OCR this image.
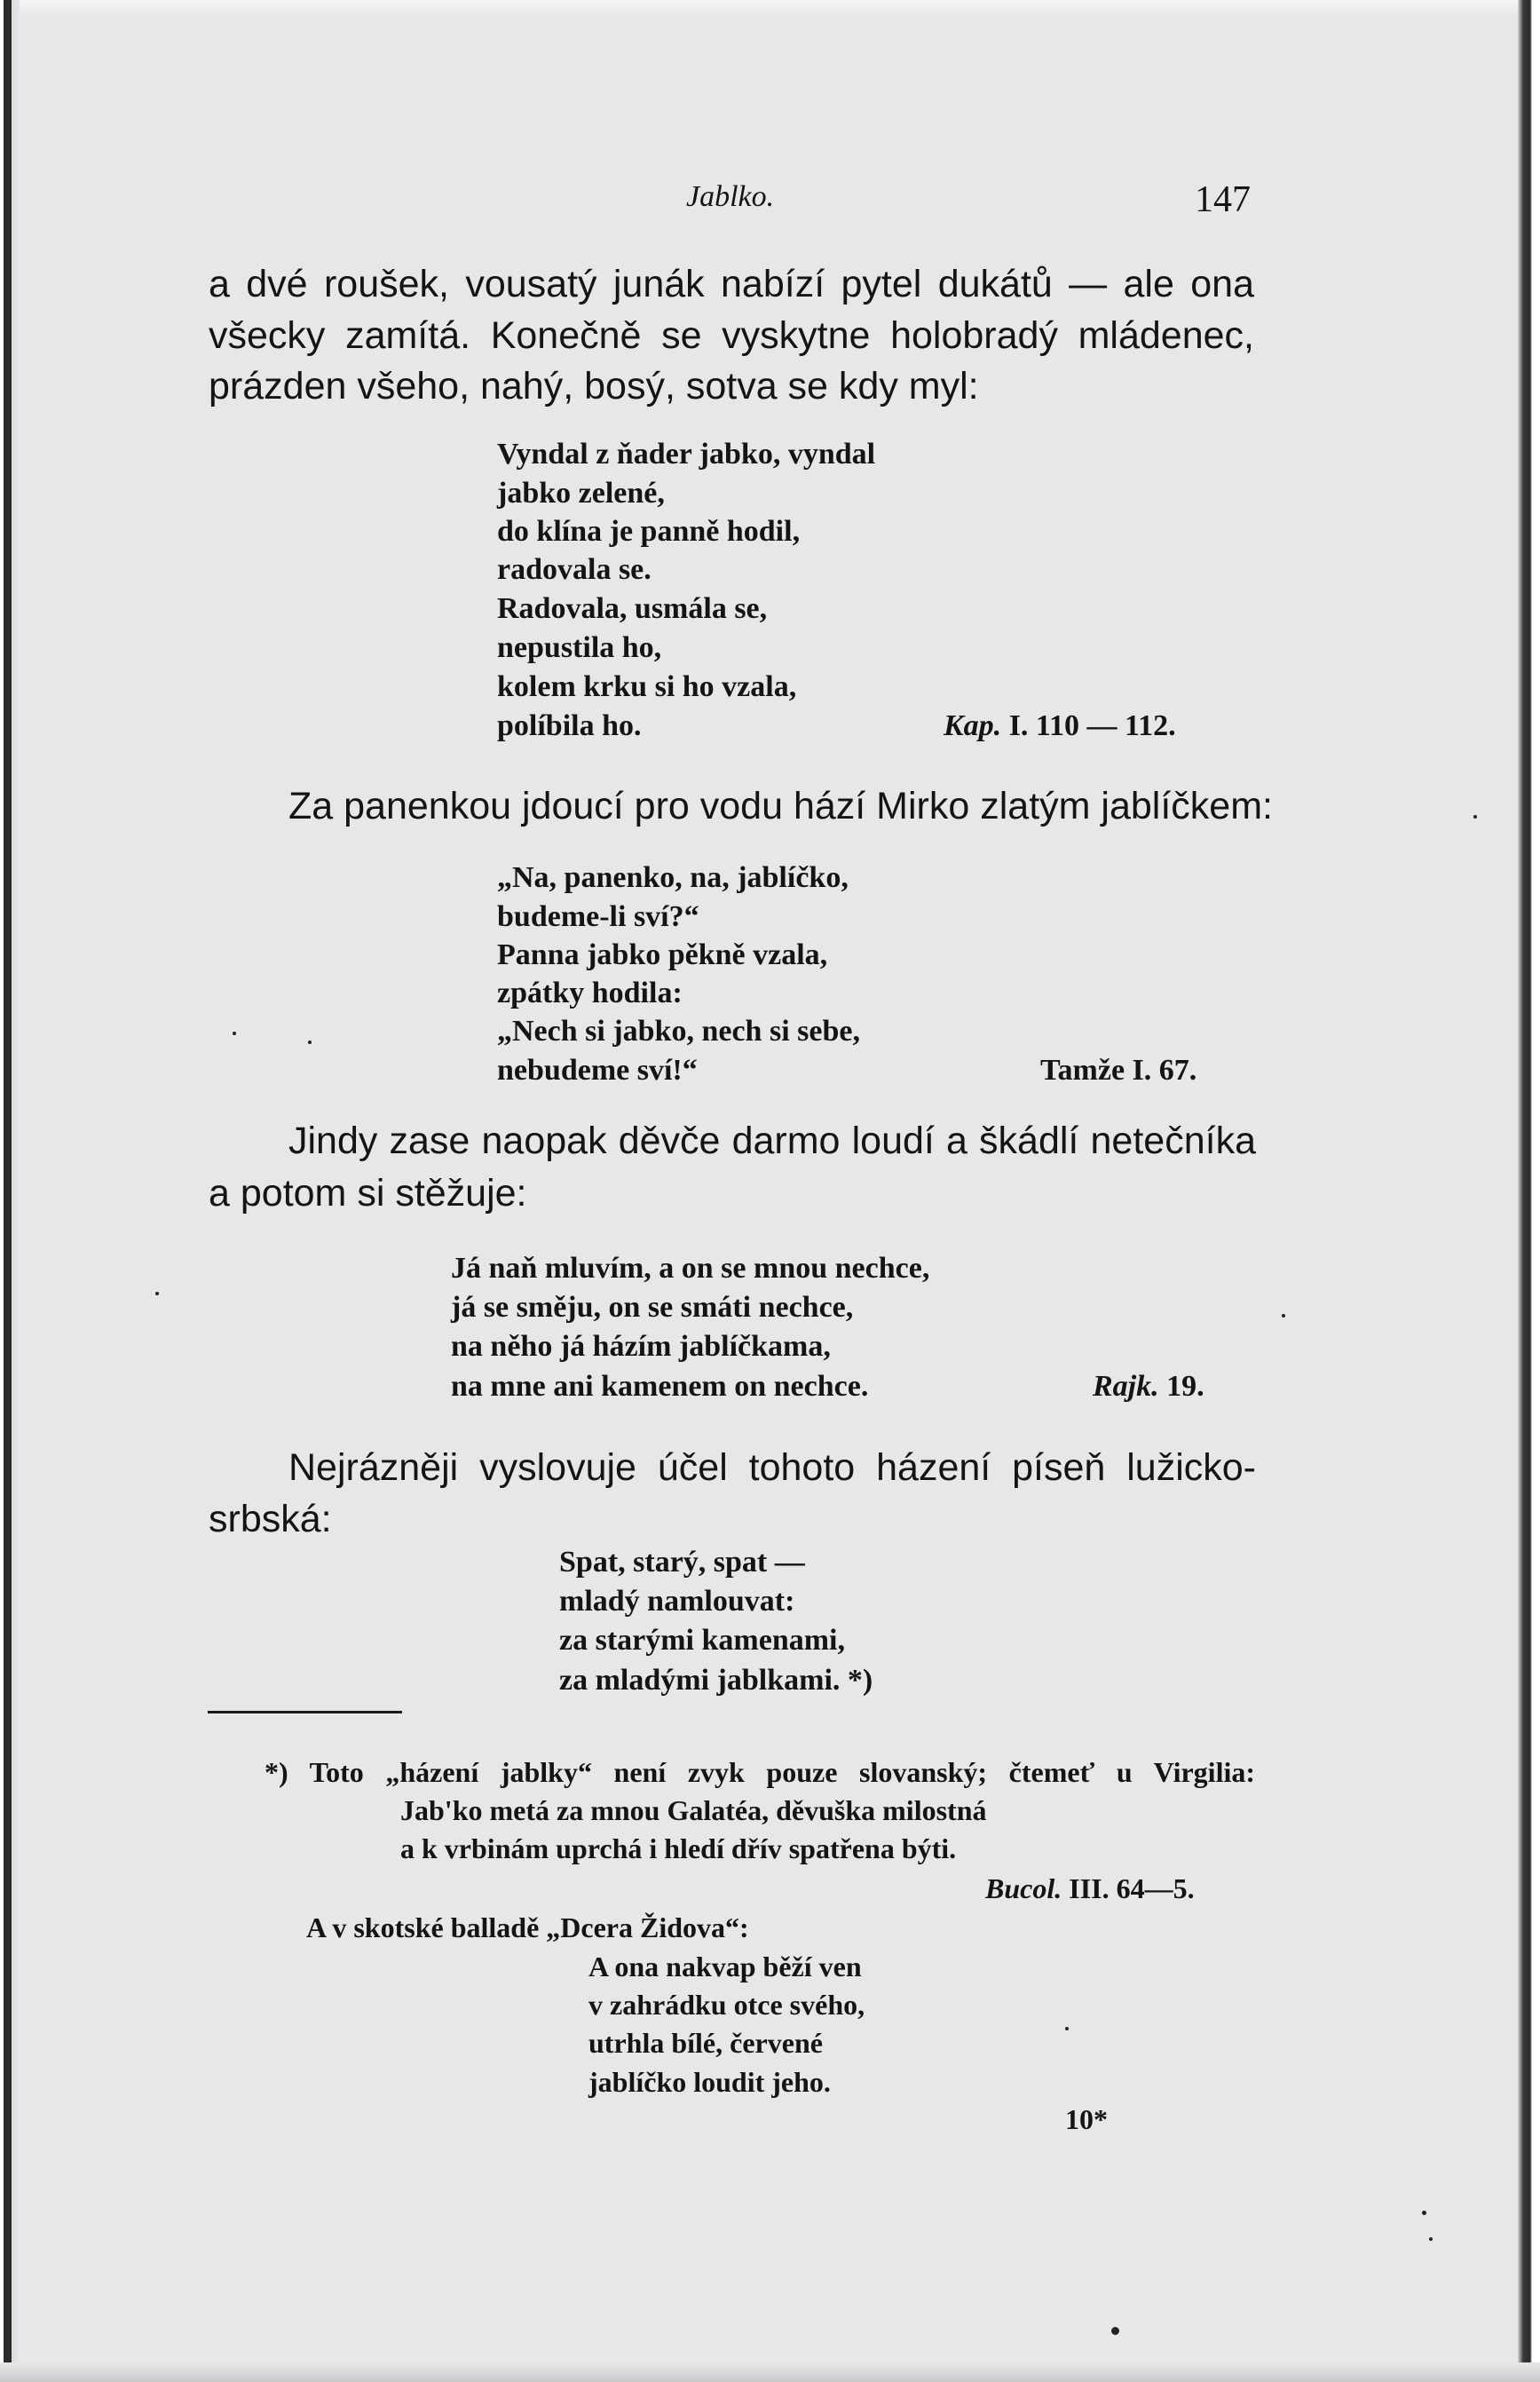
Jablko.	147
a dvé roušek, vousatý junák nabízí pytel dukátů — ale ona
všecky zamítá. Konečně se vyskytne holobradý mládenec,
prázden všeho, nahý, bosý, sotva se kdy myl:
Vyndal z ňader jabko, vyndal
jabko zelené,
do klína je panně hodil,
radovala se.
Radovala, usmála se,
nepustila ho,
kolem krku si ho vzala,
políbila ho.	Kap. I. 110 — 112.
Za panenkou jdoucí pro vodu hází Mirko zlatým jablíčkem:
„Na, panenko, na, jablíčko,
budeme-li sví?“
Panna jabko pěkně vzala,
zpátky hodila:
„Nech si jabko, nech si sebe,
nebudeme sví!“	Tamže I. 67.
Jindy zase naopak děvče darmo loudí a škádlí netečníka
a potom si stěžuje:
Já naň mluvím, a on se mnou nechce,
já se směju, on se smáti nechce,
na něho já házím jablíčkama,
na mne ani kamenem on nechce.	Rajk. 19.
Nejrázněji vyslovuje účel tohoto házení píseň lužicko-
srbská:
Spat, starý, spat —
mladý namlouvat:
za starými kamenami,
za mladými jablkami. *)
*) Toto „házení jablky“ není zvyk pouze slovanský; čtemeť u Virgilia:
Jab'ko metá za mnou Galatéa, děvuška milostná
a k vrbinám uprchá i hledí dřív spatřena býti.
Bucol. III. 64—5.
A v skotské balladě „Dcera Židova“:
A ona nakvap běží ven
v zahrádku otce svého,
utrhla bílé, červené
jablíčko loudit jeho.
10*
